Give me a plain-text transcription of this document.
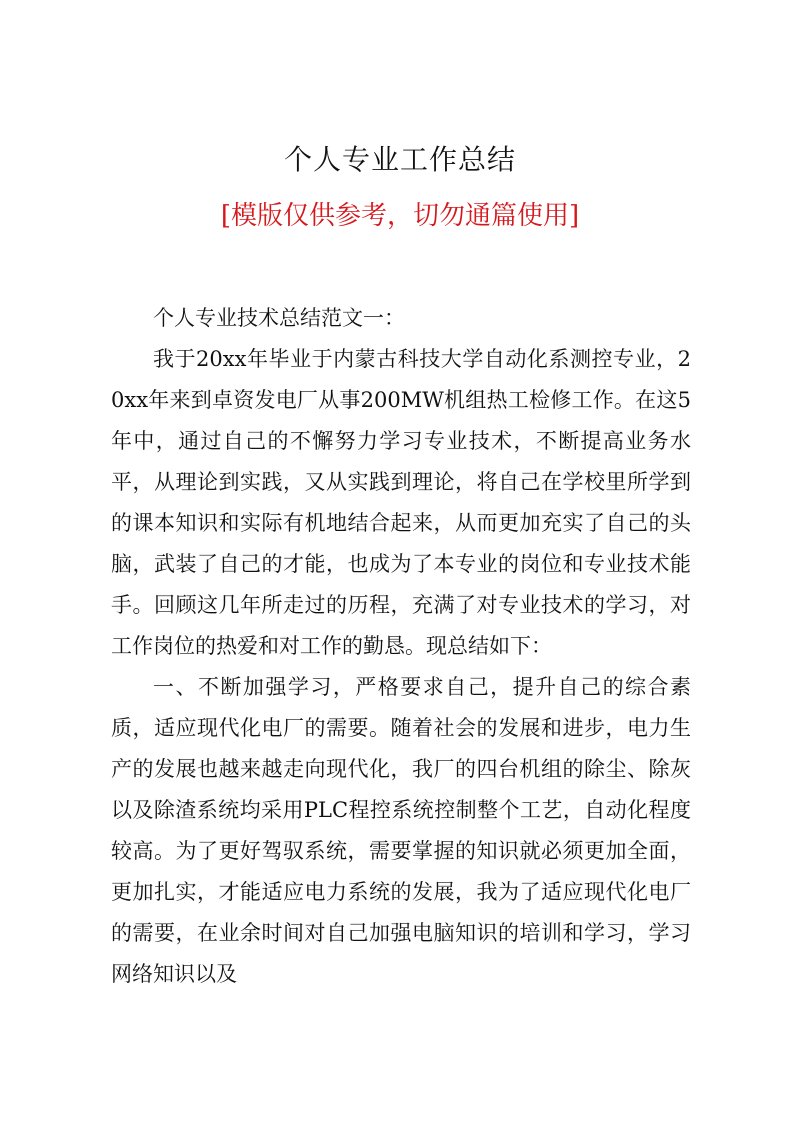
个人专业工作总结
[模版仅供参考，切勿通篇使用]

个人专业技术总结范文一：

我于20xx年毕业于内蒙古科技大学自动化系测控专业，20xx年来到卓资发电厂从事200MW机组热工检修工作。在这5年中，通过自己的不懈努力学习专业技术，不断提高业务水平，从理论到实践，又从实践到理论，将自己在学校里所学到的课本知识和实际有机地结合起来，从而更加充实了自己的头脑，武装了自己的才能，也成为了本专业的岗位和专业技术能手。回顾这几年所走过的历程，充满了对专业技术的学习，对工作岗位的热爱和对工作的勤恳。现总结如下：

一、不断加强学习，严格要求自己，提升自己的综合素质，适应现代化电厂的需要。随着社会的发展和进步，电力生产的发展也越来越走向现代化，我厂的四台机组的除尘、除灰以及除渣系统均采用PLC程控系统控制整个工艺，自动化程度较高。为了更好驾驭系统，需要掌握的知识就必须更加全面，更加扎实，才能适应电力系统的发展，我为了适应现代化电厂的需要，在业余时间对自己加强电脑知识的培训和学习，学习网络知识以及
